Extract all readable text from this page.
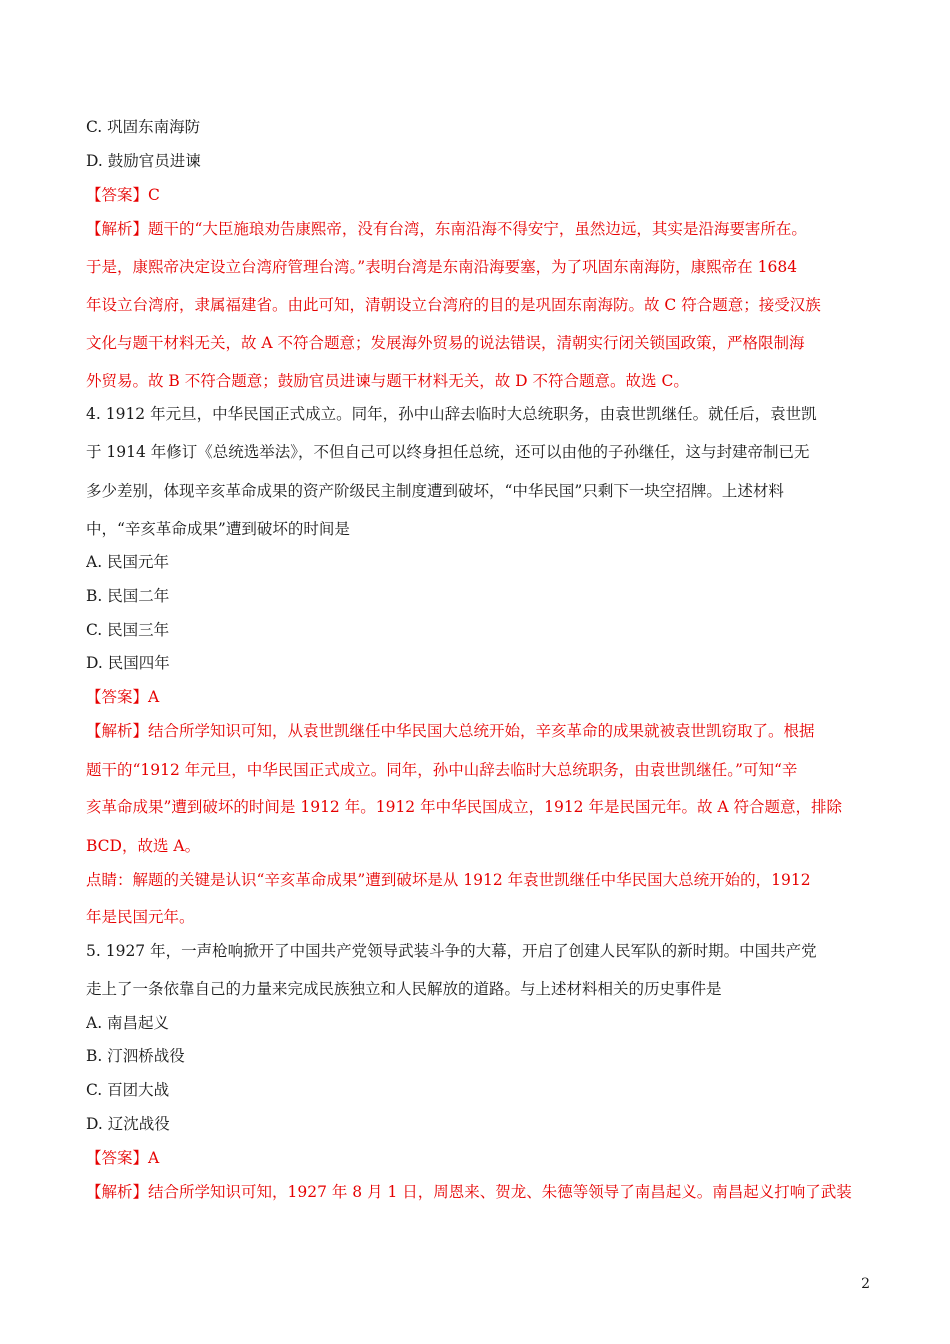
C. 巩固东南海防
D. 鼓励官员进谏
【答案】C
【解析】题干的“大臣施琅劝告康熙帝，没有台湾，东南沿海不得安宁，虽然边远，其实是沿海要害所在。
于是，康熙帝决定设立台湾府管理台湾。”表明台湾是东南沿海要塞，为了巩固东南海防，康熙帝在 1684
年设立台湾府，隶属福建省。由此可知，清朝设立台湾府的目的是巩固东南海防。故 C 符合题意；接受汉族
文化与题干材料无关，故 A 不符合题意；发展海外贸易的说法错误，清朝实行闭关锁国政策，严格限制海
外贸易。故 B 不符合题意；鼓励官员进谏与题干材料无关，故 D 不符合题意。故选 C。
4. 1912 年元旦，中华民国正式成立。同年，孙中山辞去临时大总统职务，由袁世凯继任。就任后，袁世凯
于 1914 年修订《总统选举法》，不但自己可以终身担任总统，还可以由他的子孙继任，这与封建帝制已无
多少差别，体现辛亥革命成果的资产阶级民主制度遭到破坏，“中华民国”只剩下一块空招牌。上述材料
中，“辛亥革命成果”遭到破坏的时间是
A. 民国元年
B. 民国二年
C. 民国三年
D. 民国四年
【答案】A
【解析】结合所学知识可知，从袁世凯继任中华民国大总统开始，辛亥革命的成果就被袁世凯窃取了。根据
题干的“1912 年元旦，中华民国正式成立。同年，孙中山辞去临时大总统职务，由袁世凯继任。”可知“辛
亥革命成果”遭到破坏的时间是 1912 年。1912 年中华民国成立，1912 年是民国元年。故 A 符合题意，排除
BCD，故选 A。
点睛：解题的关键是认识“辛亥革命成果”遭到破坏是从 1912 年袁世凯继任中华民国大总统开始的，1912
年是民国元年。
5. 1927 年，一声枪响掀开了中国共产党领导武装斗争的大幕，开启了创建人民军队的新时期。中国共产党
走上了一条依靠自己的力量来完成民族独立和人民解放的道路。与上述材料相关的历史事件是
A. 南昌起义
B. 汀泗桥战役
C. 百团大战
D. 辽沈战役
【答案】A
【解析】结合所学知识可知，1927 年 8 月 1 日，周恩来、贺龙、朱德等领导了南昌起义。南昌起义打响了武装
2
